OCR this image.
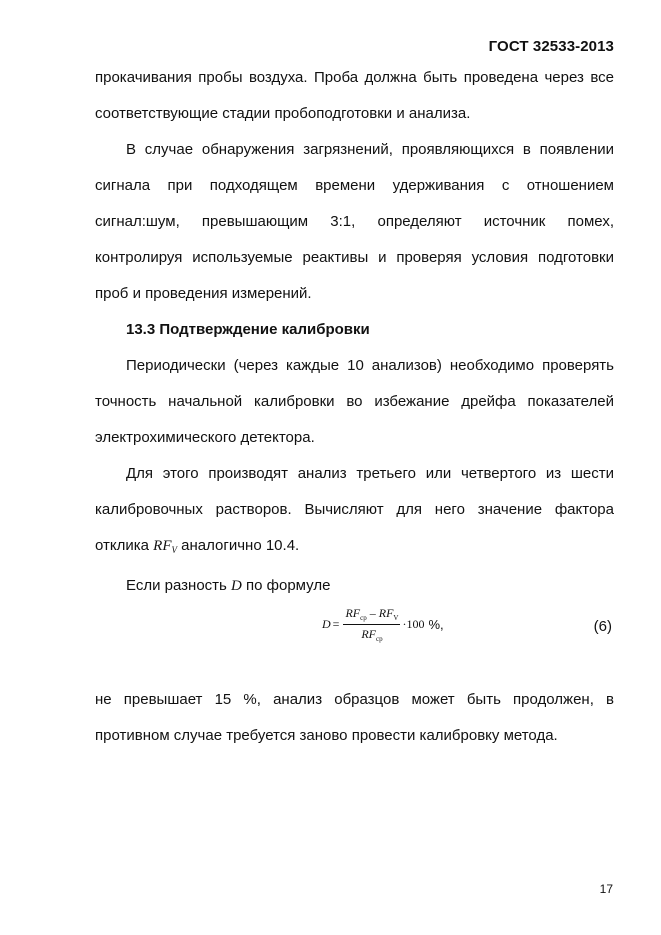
ГОСТ 32533-2013

прокачивания пробы воздуха. Проба должна быть проведена через все соответствующие стадии пробоподготовки и анализа.

В случае обнаружения загрязнений, проявляющихся в появлении сигнала при подходящем времени удерживания с отношением сигнал:шум, превышающим 3:1, определяют источник помех, контролируя используемые реактивы и проверяя условия подготовки проб и проведения измерений.

13.3 Подтверждение калибровки

Периодически (через каждые 10 анализов) необходимо проверять точность начальной калибровки во избежание дрейфа показателей электрохимического детектора.

Для этого производят анализ третьего или четвертого из шести калибровочных растворов. Вычисляют для него значение фактора отклика $RF_V$ аналогично 10.4.

Если разность D по формуле

$D = \frac{RF_{ср} - RF_V}{RF_{ср}} \cdot 100$ %,	(6)

не превышает 15 %, анализ образцов может быть продолжен, в противном случае требуется заново провести калибровку метода.

17
